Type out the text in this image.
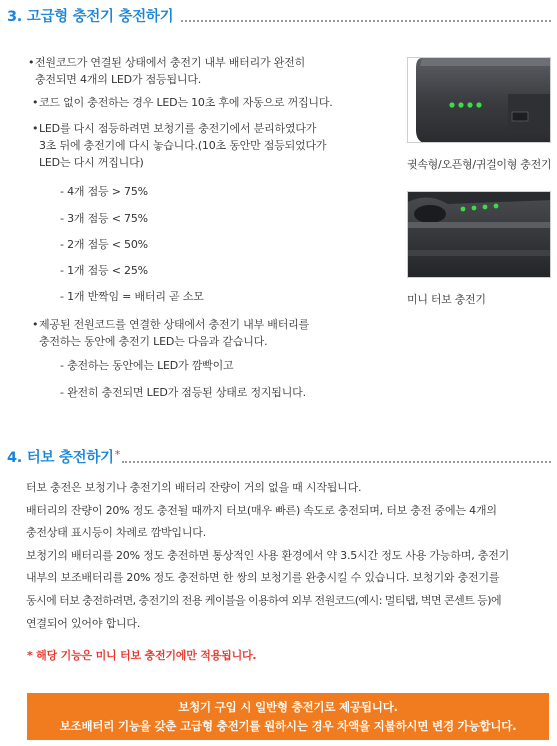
3. 고급형 충전기 충전하기
• 전원코드가 연결된 상태에서 충전기 내부 배터리가 완전히
충전되면 4개의 LED가 점등됩니다.
• 코드 없이 충전하는 경우 LED는 10초 후에 자동으로 꺼집니다.
• LED를 다시 점등하려면 보청기를 충전기에서 분리하였다가
3초 뒤에 충전기에 다시 놓습니다.(10초 동안만 점등되었다가
LED는 다시 꺼집니다)
- 4개 점등 > 75%
- 3개 점등 < 75%
- 2개 점등 < 50%
- 1개 점등 < 25%
- 1개 반짝임 = 배터리 곧 소모
• 제공된 전원코드를 연결한 상태에서 충전기 내부 배터리를
충전하는 동안에 충전기 LED는 다음과 같습니다.
- 충전하는 동안에는 LED가 깜빡이고
- 완전히 충전되면 LED가 점등된 상태로 정지됩니다.
귓속형/오픈형/귀걸이형 충전기
미니 터보 충전기
4. 터보 충전하기 *
터보 충전은 보청기나 충전기의 배터리 잔량이 거의 없을 때 시작됩니다.
배터리의 잔량이 20% 정도 충전될 때까지 터보(매우 빠른) 속도로 충전되며, 터보 충전 중에는 4개의
충전상태 표시등이 차례로 깜박입니다.
보청기의 배터리를 20% 정도 충전하면 통상적인 사용 환경에서 약 3.5시간 정도 사용 가능하며, 충전기
내부의 보조배터리를 20% 정도 충전하면 한 쌍의 보청기를 완충시킬 수 있습니다. 보청기와 충전기를
동시에 터보 충전하려면, 충전기의 전용 케이블을 이용하여 외부 전원코드(예시: 멀티탭, 벽면 콘센트 등)에
연결되어 있어야 합니다.
* 해당 기능은 미니 터보 충전기에만 적용됩니다.
보청기 구입 시 일반형 충전기로 제공됩니다.
보조배터리 기능을 갖춘 고급형 충전기를 원하시는 경우 차액을 지불하시면 변경 가능합니다.
